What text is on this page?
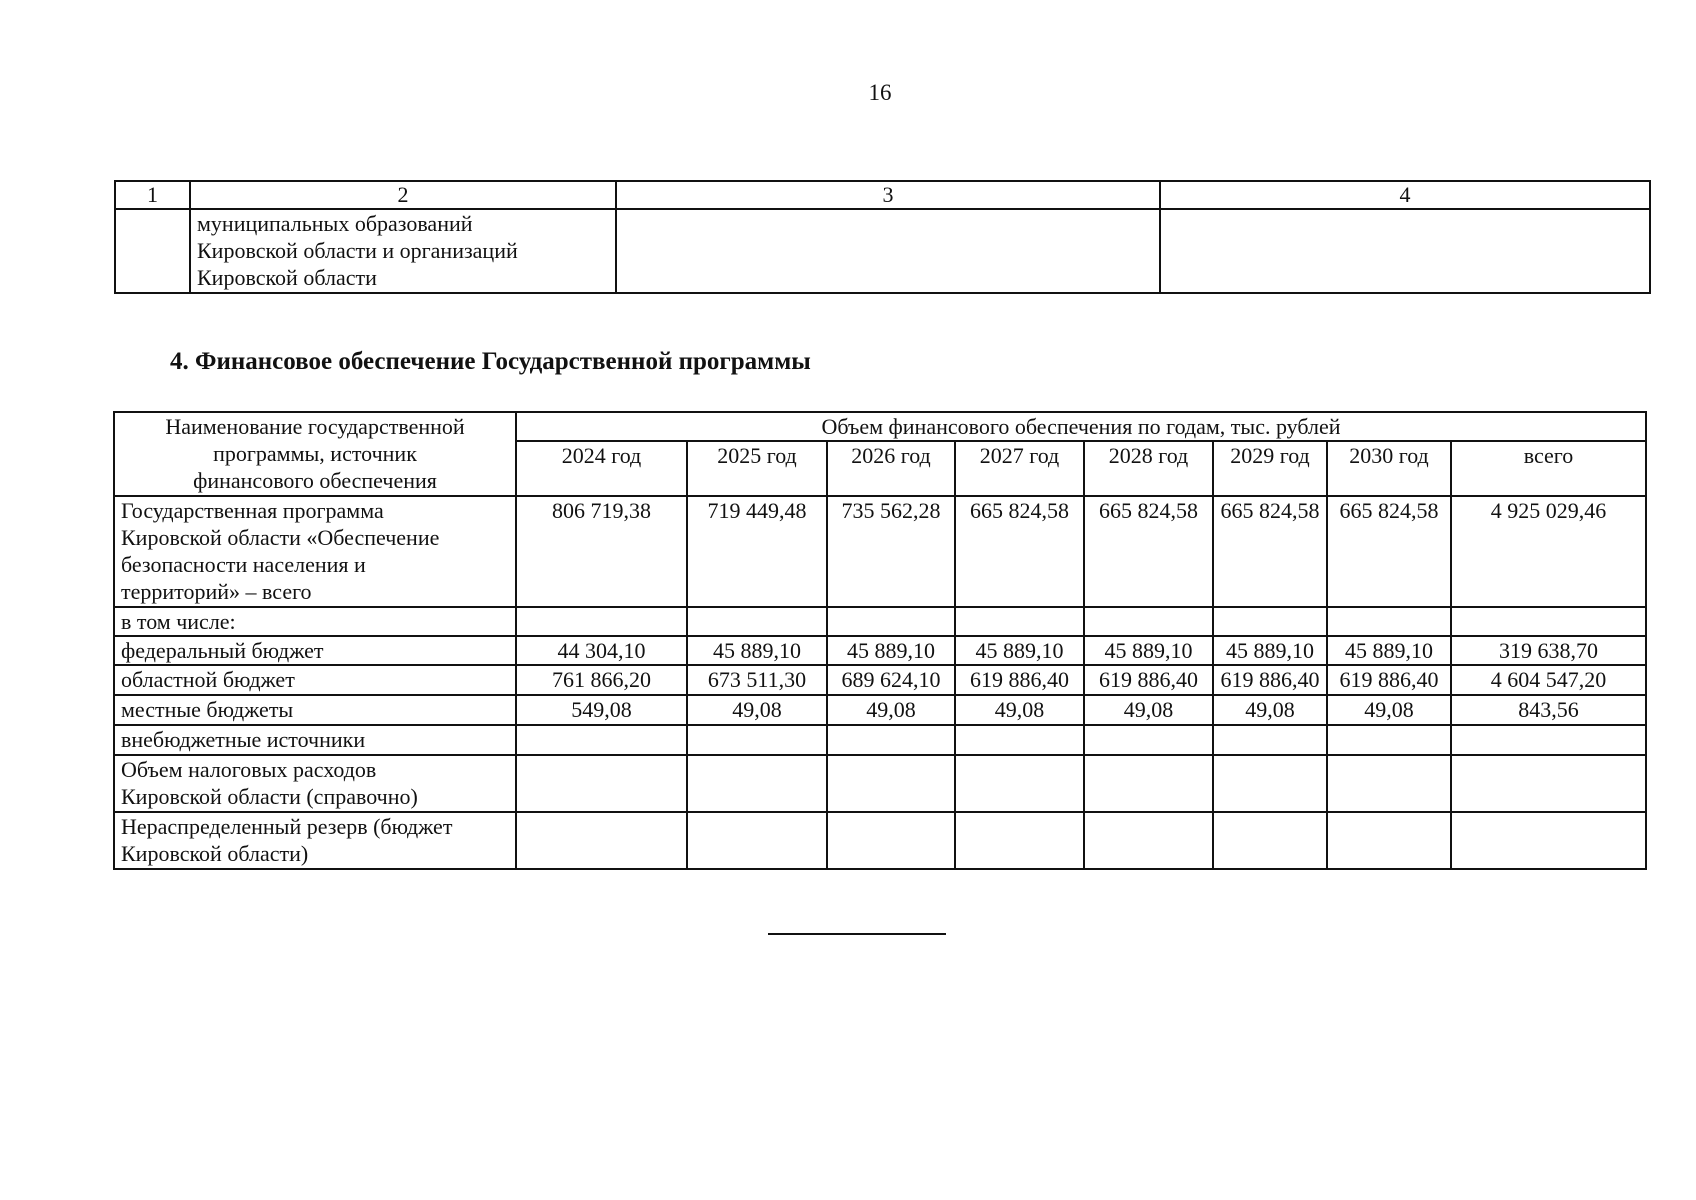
16
1	2	3	4

	муниципальных образований
Кировской области и организаций
Кировской области		

4. Финансовое обеспечение Государственной программы
Наименование государственной
программы, источник
финансового обеспечения	Объем финансового обеспечения по годам, тыс. рублей							
	2024 год	2025 год	2026 год	2027 год	2028 год	2029 год	2030 год	всего

Государственная программа
Кировской области «Обеспечение
безопасности населения и
территорий» – всего	806 719,38	719 449,48	735 562,28	665 824,58	665 824,58	665 824,58	665 824,58	4 925 029,46
в том числе:								
федеральный бюджет	44 304,10	45 889,10	45 889,10	45 889,10	45 889,10	45 889,10	45 889,10	319 638,70
областной бюджет	761 866,20	673 511,30	689 624,10	619 886,40	619 886,40	619 886,40	619 886,40	4 604 547,20
местные бюджеты	549,08	49,08	49,08	49,08	49,08	49,08	49,08	843,56
внебюджетные источники								

Объем налоговых расходов
Кировской области (справочно)								

Нераспределенный резерв (бюджет
Кировской области)								
